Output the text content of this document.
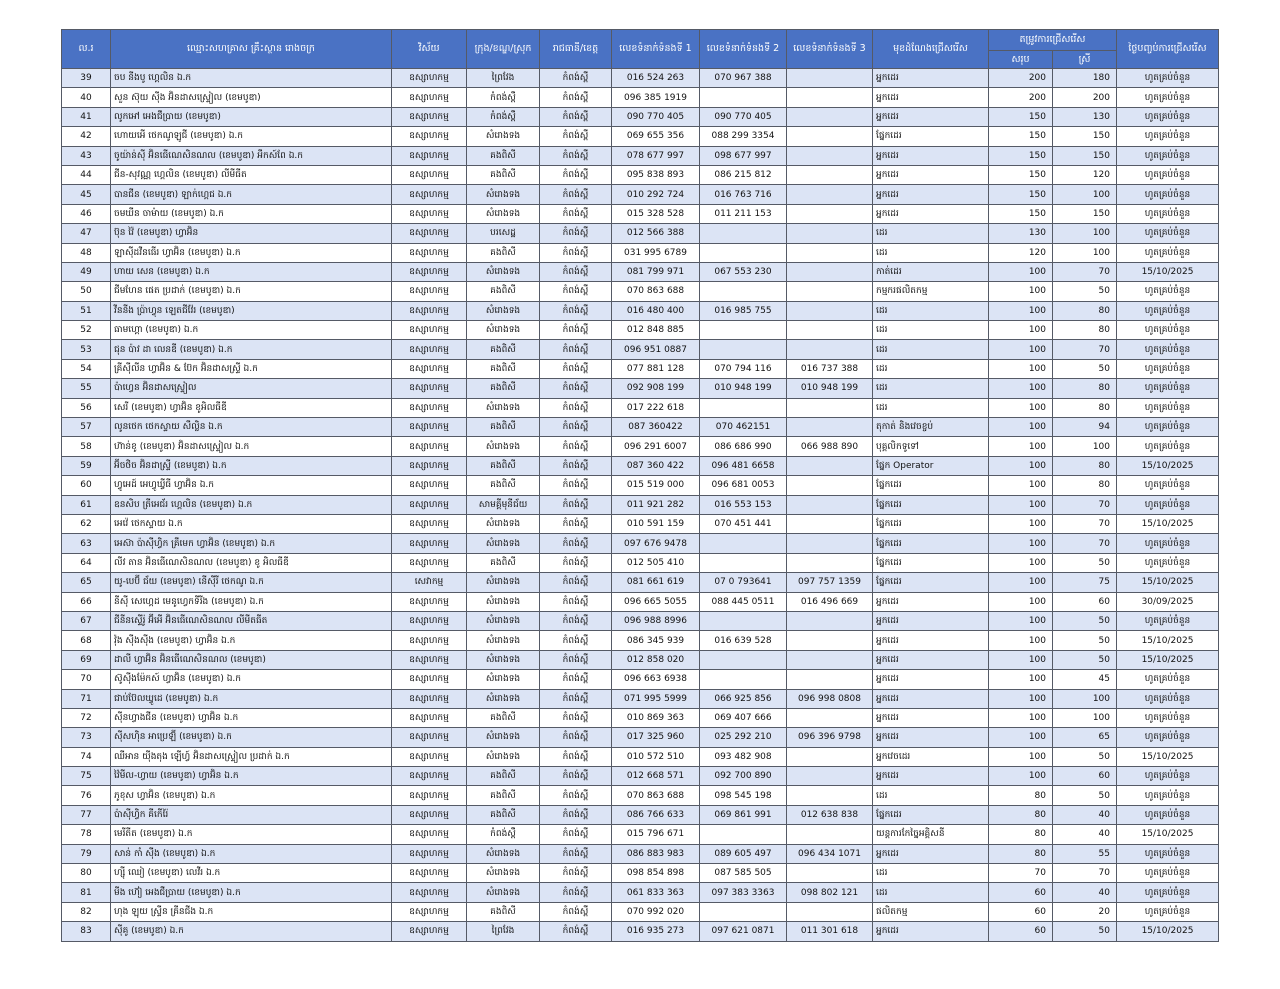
ល.រ	ឈ្មោះសហគ្រាស គ្រឹះស្ថាន រោងចក្រ	វិស័យ	ក្រុង/ខណ្ឌ/ស្រុក	រាជធានី/ខេត្ត	លេខទំនាក់ទំនងទី 1	លេខទំនាក់ទំនងទី 2	លេខទំនាក់ទំនងទី 3	មុខដំណែងជ្រើសរើស	តម្រូវការជ្រើសរើស		ថ្ងៃបញ្ចប់ការជ្រើសរើស
									សរុប	ស្រី	
39	ចប នីងបូ ហ្គេលិន ឯ.ក	ឧស្សាហកម្ម	ព្រៃវែង	កំពង់ស្ពឺ	016 524 263	070 967 388		អ្នកដេរ	200	180	ហូតគ្រប់ចំនួន
40	សួន ស៊ុយ ស៊ីង អ៊ិនដាសស្ទ្រៀល (ខេមបូឌា)	ឧស្សាហកម្ម	កំពង់ស្ពឺ	កំពង់ស្ពឺ	096 385 1919			អ្នកដេរ	200	200	ហូតគ្រប់ចំនួន
41	លូកអៅ អេងជឺប្រាយ (ខេមបូឌា)	ឧស្សាហកម្ម	កំពង់ស្ពឺ	កំពង់ស្ពឺ	090 770 405	090 770 405		អ្នកដេរ	150	130	ហូតគ្រប់ចំនួន
42	ហោយអើ ថេកណូឡូជី (ខេមបូឌា) ឯ.ក	ឧស្សាហកម្ម	សំរោងទង	កំពង់ស្ពឺ	069 655 356	088 299 3354		ផ្នែកដេរ	150	150	ហូតគ្រប់ចំនួន
43	ចូយ៉ាន់ស៊ី អ៊ិនធើណេសិនណល (ខេមបូឌា) អឹកស៍ពែ ឯ.ក	ឧស្សាហកម្ម	គងពិសី	កំពង់ស្ពឺ	078 677 997	098 677 997		អ្នកដេរ	150	150	ហូតគ្រប់ចំនួន
44	ជីន-សុវណ្ណ ហ្គេលិន (ខេមបូឌា) លីមីធីត	ឧស្សាហកម្ម	គងពិសី	កំពង់ស្ពឺ	095 838 893	086 215 812		អ្នកដេរ	150	120	ហូតគ្រប់ចំនួន
45	បានជីន (ខេមបូឌា) ឡាក់ហ្គេជ ឯ.ក	ឧស្សាហកម្ម	សំរោងទង	កំពង់ស្ពឺ	010 292 724	016 763 716		អ្នកដេរ	150	100	ហូតគ្រប់ចំនួន
46	ចមឃីន ចាម៉ាយ (ខេមបូឌា) ឯ.ក	ឧស្សាហកម្ម	សំរោងទង	កំពង់ស្ពឺ	015 328 528	011 211 153		អ្នកដេរ	150	150	ហូតគ្រប់ចំនួន
47	ប៊ុន វ៉ៃ (ខេមបូឌា) ហ្វាអ៊ិន	ឧស្សាហកម្ម	បរសេដ្ឋ	កំពង់ស្ពឺ	012 566 388			ដេរ	130	100	ហូតគ្រប់ចំនួន
48	ឡាស៊ីដវីនធើរ ហ្វាអ៊ិន (ខេមបូឌា) ឯ.ក	ឧស្សាហកម្ម	គងពិសី	កំពង់ស្ពឺ	031 995 6789			ដេរ	120	100	ហូតគ្រប់ចំនួន
49	ហាយ សេន (ខេមបូឌា) ឯ.ក	ឧស្សាហកម្ម	សំរោងទង	កំពង់ស្ពឺ	081 799 971	067 553 230		កាត់ដេរ	100	70	15/10/2025
50	ជីមហែន ផេត ប្រដាក់ (ខេមបូឌា) ឯ.ក	ឧស្សាហកម្ម	គងពិសី	កំពង់ស្ពឺ	070 863 688			កម្មករផលិតកម្ម	100	50	ហូតគ្រប់ចំនួន
51	វីននីង ប្រ៉ាហ្វុន ឡេតជីវ៉ែរ (ខេមបូឌា)	ឧស្សាហកម្ម	សំរោងទង	កំពង់ស្ពឺ	016 480 400	016 985 755		ដេរ	100	80	ហូតគ្រប់ចំនួន
52	ធាមហ្គោ (ខេមបូឌា) ឯ.ក	ឧស្សាហកម្ម	សំរោងទង	កំពង់ស្ពឺ	012 848 885			ដេរ	100	80	ហូតគ្រប់ចំនួន
53	ជុន ប៉ាវ ដា លេនឌី (ខេមបូឌា) ឯ.ក	ឧស្សាហកម្ម	គងពិសី	កំពង់ស្ពឺ	096 951 0887			ដេរ	100	70	ហូតគ្រប់ចំនួន
54	គ្រីស៊ីលីន ហ្វាអ៊ិន & ប៊ែក អ៊ិនដាសស្ទ្រី ឯ.ក	ឧស្សាហកម្ម	គងពិសី	កំពង់ស្ពឺ	077 881 128	070 794 116	016 737 388	ដេរ	100	50	ហូតគ្រប់ចំនួន
55	ប៉ាហ្វេន អ៊ិនដាសស្ទ្រៀល	ឧស្សាហកម្ម	គងពិសី	កំពង់ស្ពឺ	092 908 199	010 948 199	010 948 199	ដេរ	100	80	ហូតគ្រប់ចំនួន
56	សេរី (ខេមបូឌា) ហ្វាអ៊ិន ខូអិលធីឌី	ឧស្សាហកម្ម	សំរោងទង	កំពង់ស្ពឺ	017 222 618			ដេរ	100	80	ហូតគ្រប់ចំនួន
57	លូនថេក ថេកស្ទាយ សឹល្លិន ឯ.ក	ឧស្សាហកម្ម	គងពិសី	កំពង់ស្ពឺ	087 360422	070 462151		តុកាត់ និងវេចខ្ចប់	100	94	ហូតគ្រប់ចំនួន
58	ហ៊ាន់ខូ (ខេមបូឌា) អ៊ិនដាសស្ទ្រៀល ឯ.ក	ឧស្សាហកម្ម	សំរោងទង	កំពង់ស្ពឺ	096 291 6007	086 686 990	066 988 890	បុគ្គលិកទូទៅ	100	100	ហូតគ្រប់ចំនួន
59	អ៊ីចថិច អ៊ិនដាស្ទ្រី (ខេមបូឌា) ឯ.ក	ឧស្សាហកម្ម	គងពិសី	កំពង់ស្ពឺ	087 360 422	096 481 6658		ផ្នែក Operator	100	80	15/10/2025
60	ហ្វូអេដ៍ អេហ្វូឃ្វីធី ហ្វាអ៊ិន ឯ.ក	ឧស្សាហកម្ម	គងពិសី	កំពង់ស្ពឺ	015 519 000	096 681 0053		ផ្នែកដេរ	100	80	ហូតគ្រប់ចំនួន
61	ឧនសិប ត្រីអេជ័រ ហ្គេលិន (ខេមបូឌា) ឯ.ក	ឧស្សាហកម្ម	សាមគ្គីមុនីជ័យ	កំពង់ស្ពឺ	011 921 282	016 553 153		ផ្នែកដេរ	100	70	ហូតគ្រប់ចំនួន
62	អេវ៉េ ថេកស្ទាយ ឯ.ក	ឧស្សាហកម្ម	សំរោងទង	កំពង់ស្ពឺ	010 591 159	070 451 441		ផ្នែកដេរ	100	70	15/10/2025
63	អេស៊ា ប៉ាស៊ីហ្វិក គ្រឹមេក ហ្វាអ៊ិន (ខេមបូឌា) ឯ.ក	ឧស្សាហកម្ម	សំរោងទង	កំពង់ស្ពឺ	097 676 9478			ផ្នែកដេរ	100	70	ហូតគ្រប់ចំនួន
64	លីវ តាន អ៊ិនធើណេសិនណល (ខេមបូឌា) ខូ អិលធីឌី	ឧស្សាហកម្ម	គងពិសី	កំពង់ស្ពឺ	012 505 410			ផ្នែកដេរ	100	50	ហូតគ្រប់ចំនួន
65	យូ-បេប៊ី ជ័យ (ខេមបូឌា) នើស៊ីរី ថេកណូ ឯ.ក	សេវាកម្ម	សំរោងទង	កំពង់ស្ពឺ	081 661 619	07 0 793641	097 757 1359	ផ្នែកដេរ	100	75	15/10/2025
66	នីស៊ី សេហ្គេដ មេនូហ្វេកទីរីង (ខេមបូឌា) ឯ.ក	ឧស្សាហកម្ម	សំរោងទង	កំពង់ស្ពឺ	096 665 5055	088 445 0511	016 496 669	អ្នកដេរ	100	60	30/09/2025
67	ជីនីនស្ទើរ៉ូ អ៊ីអើ អ៊ិនធើណេសិនណល លីមីតធីត	ឧស្សាហកម្ម	សំរោងទង	កំពង់ស្ពឺ	096 988 8996			អ្នកដេរ	100	50	ហូតគ្រប់ចំនួន
68	វ៉ុង ស៊ីងស៊ីង (ខេមបូឌា) ហ្វាអ៊ិន ឯ.ក	ឧស្សាហកម្ម	សំរោងទង	កំពង់ស្ពឺ	086 345 939	016 639 528		អ្នកដេរ	100	50	15/10/2025
69	ដាលី ហ្វាអ៊ិន អ៊ិនធើណេសិនណល (ខេមបូឌា)	ឧស្សាហកម្ម	សំរោងទង	កំពង់ស្ពឺ	012 858 020			អ្នកដេរ	100	50	15/10/2025
70	ស៊ូស៊ីងម៉ែកស៍ ហ្វាអ៊ិន (ខេមបូឌា) ឯ.ក	ឧស្សាហកម្ម	សំរោងទង	កំពង់ស្ពឺ	096 663 6938			អ្នកដេរ	100	45	ហូតគ្រប់ចំនួន
71	ជាប់ប៊ែលឃ្វូដេ (ខេមបូឌា) ឯ.ក	ឧស្សាហកម្ម	សំរោងទង	កំពង់ស្ពឺ	071 995 5999	066 925 856	096 998 0808	អ្នកដេរ	100	100	ហូតគ្រប់ចំនួន
72	ស៊ីនហ្វាងជីន (ខេមបូឌា) ហ្វាអ៊ិន ឯ.ក	ឧស្សាហកម្ម	គងពិសី	កំពង់ស្ពឺ	010 869 363	069 407 666		អ្នកដេរ	100	100	ហូតគ្រប់ចំនួន
73	ស៊ីសហ៊ិន អាប្រេឡ៊ី (ខេមបូឌា) ឯ.ក	ឧស្សាហកម្ម	សំរោងទង	កំពង់ស្ពឺ	017 325 960	025 292 210	096 396 9798	អ្នកដេរ	100	65	ហូតគ្រប់ចំនួន
74	ឈីអាន យ៉ីងតុង ឡើហ្វ៍ អ៊ិនដាសស្ទ្រៀល ប្រដាក់ ឯ.ក	ឧស្សាហកម្ម	សំរោងទង	កំពង់ស្ពឺ	010 572 510	093 482 908		អ្នកវេចដេរ	100	50	15/10/2025
75	វ៉ៃមីល-ហ្វាយ (ខេមបូឌា) ហ្វាអ៊ិន ឯ.ក	ឧស្សាហកម្ម	គងពិសី	កំពង់ស្ពឺ	012 668 571	092 700 890		អ្នកដេរ	100	60	ហូតគ្រប់ចំនួន
76	ភូខុស ហ្វាអ៊ិន (ខេមបូឌា) ឯ.ក	ឧស្សាហកម្ម	គងពិសី	កំពង់ស្ពឺ	070 863 688	098 545 198		ដេរ	80	50	ហូតគ្រប់ចំនួន
77	ប៉ាស៊ីហ្វិក គីកើរ៉ៃ	ឧស្សាហកម្ម	គងពិសី	កំពង់ស្ពឺ	086 766 633	069 861 991	012 638 838	ផ្នែកដេរ	80	40	ហូតគ្រប់ចំនួន
78	មេរីតីត (ខេមបូឌា) ឯ.ក	ឧស្សាហកម្ម	កំពង់ស្ពឺ	កំពង់ស្ពឺ	015 796 671			យន្តការកែច្នៃអគ្គិសនី	80	40	15/10/2025
79	សាន់ កាំ ស៊ីង (ខេមបូឌា) ឯ.ក	ឧស្សាហកម្ម	សំរោងទង	កំពង់ស្ពឺ	086 883 983	089 605 497	096 434 1071	អ្នកដេរ	80	55	ហូតគ្រប់ចំនួន
80	ហ្ស៊ី ឈៀ (ខេមបូឌា) លេវីរ ឯ.ក	ឧស្សាហកម្ម	សំរោងទង	កំពង់ស្ពឺ	098 854 898	087 585 505		ដេរ	70	70	ហូតគ្រប់ចំនួន
81	មីង ហ៊ៀ អេងជឺប្រាយ (ខេមបូឌា) ឯ.ក	ឧស្សាហកម្ម	សំរោងទង	កំពង់ស្ពឺ	061 833 363	097 383 3363	098 802 121	ដេរ	60	40	ហូតគ្រប់ចំនួន
82	ហុង ឡុយ ស្ទ្រីន គ្រីនជីង ឯ.ក	ឧស្សាហកម្ម	គងពិសី	កំពង់ស្ពឺ	070 992 020			ផលិតកម្ម	60	20	ហូតគ្រប់ចំនួន
83	ស៊ីគូ (ខេមបូឌា) ឯ.ក	ឧស្សាហកម្ម	ព្រៃវែង	កំពង់ស្ពឺ	016 935 273	097 621 0871	011 301 618	អ្នកដេរ	60	50	15/10/2025
